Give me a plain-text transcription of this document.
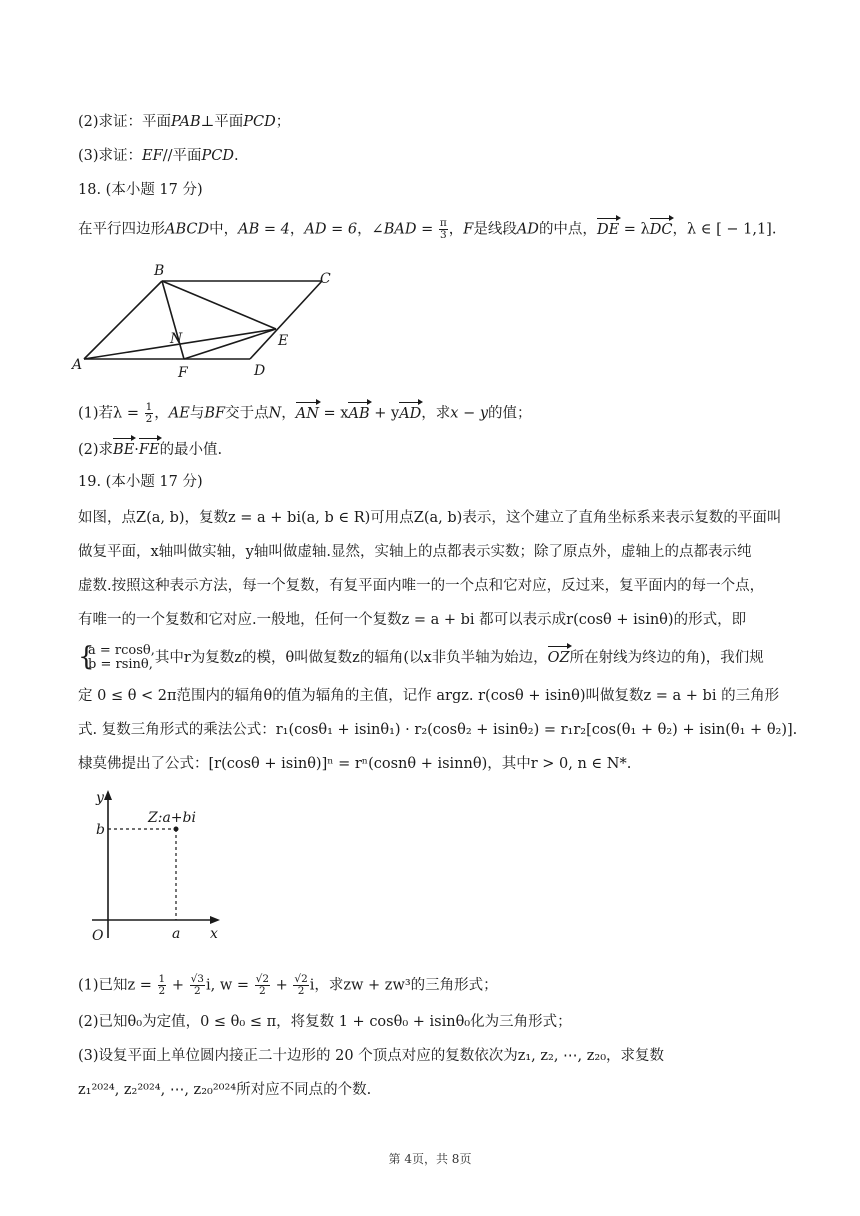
(2)求证：平面PAB⊥平面PCD；
(3)求证：EF//平面PCD.
18. (本小题 17 分)
在平行四边形ABCD中，AB = 4，AD = 6，∠BAD = $\frac{\pi}{3}$ ，F是线段AD的中点，DE = λDC，λ ∈ [ − 1,1].
A
B	C
D
E
F
N
(1)若$\lambda = \frac{1}{2}$ ，AE与BF交于点N，AN = xAB + yAD，求x − y的值；
(2)求BE·FE的最小值.
19. (本小题 17 分)
如图，点Z(a, b)，复数z = a + bi(a, b ∈ R)可用点Z(a, b)表示，这个建立了直角坐标系来表示复数的平面叫
做复平面，x轴叫做实轴，y轴叫做虚轴.显然，实轴上的点都表示实数；除了原点外，虚轴上的点都表示纯
虚数.按照这种表示方法，每一个复数，有复平面内唯一的一个点和它对应，反过来，复平面内的每一个点，
有唯一的一个复数和它对应.一般地，任何一个复数z = a + bi 都可以表示成r(cosθ + isinθ)的形式，即
{
a = rcosθ,
b = rsinθ, 其中r为复数z的模，θ叫做复数z的辐角(以x非负半轴为始边，OZ所在射线为终边的角)，我们规
定 0 ≤ θ < 2π范围内的辐角θ的值为辐角的主值，记作 argz. r(cosθ + isinθ)叫做复数z = a + bi 的三角形
式. 复数三角形式的乘法公式：r₁(cosθ₁ + isinθ₁) · r₂(cosθ₂ + isinθ₂) = r₁r₂[cos(θ₁ + θ₂) + isin(θ₁ + θ₂)].
棣莫佛提出了公式：[r(cosθ + isinθ)]ⁿ = rⁿ(cosnθ + isinnθ)，其中r > 0, n ∈ N*.
y
b
Z:a+bi
O	a x
(1)已知$z = \frac{1}{2} + \frac{√3}{2} i$, $w = \frac{√2}{2} + \frac{√2}{2}$ i，求zw + zw³的三角形式；
(2)已知θ₀为定值，0 ≤ θ₀ ≤ π，将复数 1 + cosθ₀ + isinθ₀化为三角形式；
(3)设复平面上单位圆内接正二十边形的 20 个顶点对应的复数依次为z₁, z₂, ⋯, z₂₀，求复数
z₁²⁰²⁴, z₂²⁰²⁴, ⋯, z₂₀²⁰²⁴所对应不同点的个数.
第 4页，共 8页
